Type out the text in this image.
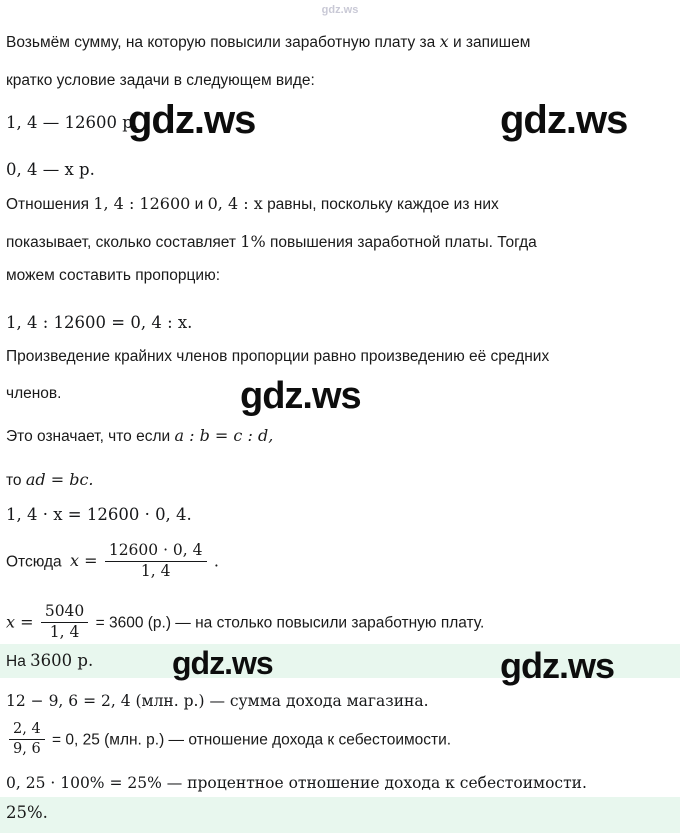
gdz.ws
Возьмём сумму, на которую повысили заработную плату за x и запишем
кратко условие задачи в следующем виде:
1, 4 — 12600 р.
0, 4 — x р.
Отношения 1, 4 : 12600 и 0, 4 : x равны, поскольку каждое из них
показывает, сколько составляет 1% повышения заработной платы. Тогда
можем составить пропорцию:
1, 4 : 12600 = 0, 4 : x.
Произведение крайних членов пропорции равно произведению её средних
членов.
Это означает, что если a : b = c : d,
то ad = bc.
1, 4 · x = 12600 · 0, 4.
Отсюда $x = \frac{12600 \cdot 0, 4}{1, 4}$ .
$x = \frac{5040}{1, 4} = 3600$ (р.) — на столько повысили заработную плату.
На 3600 р.
12 − 9, 6 = 2, 4 (млн. р.) — сумма дохода магазина.
$\frac{2, 4}{9, 6} = 0$, 25 (млн. р.) — отношение дохода к себестоимости.
0, 25 · 100% = 25% — процентное отношение дохода к себестоимости.
25%.
gdz.ws	gdz.ws
gdz.ws
gdz.ws	gdz.ws
